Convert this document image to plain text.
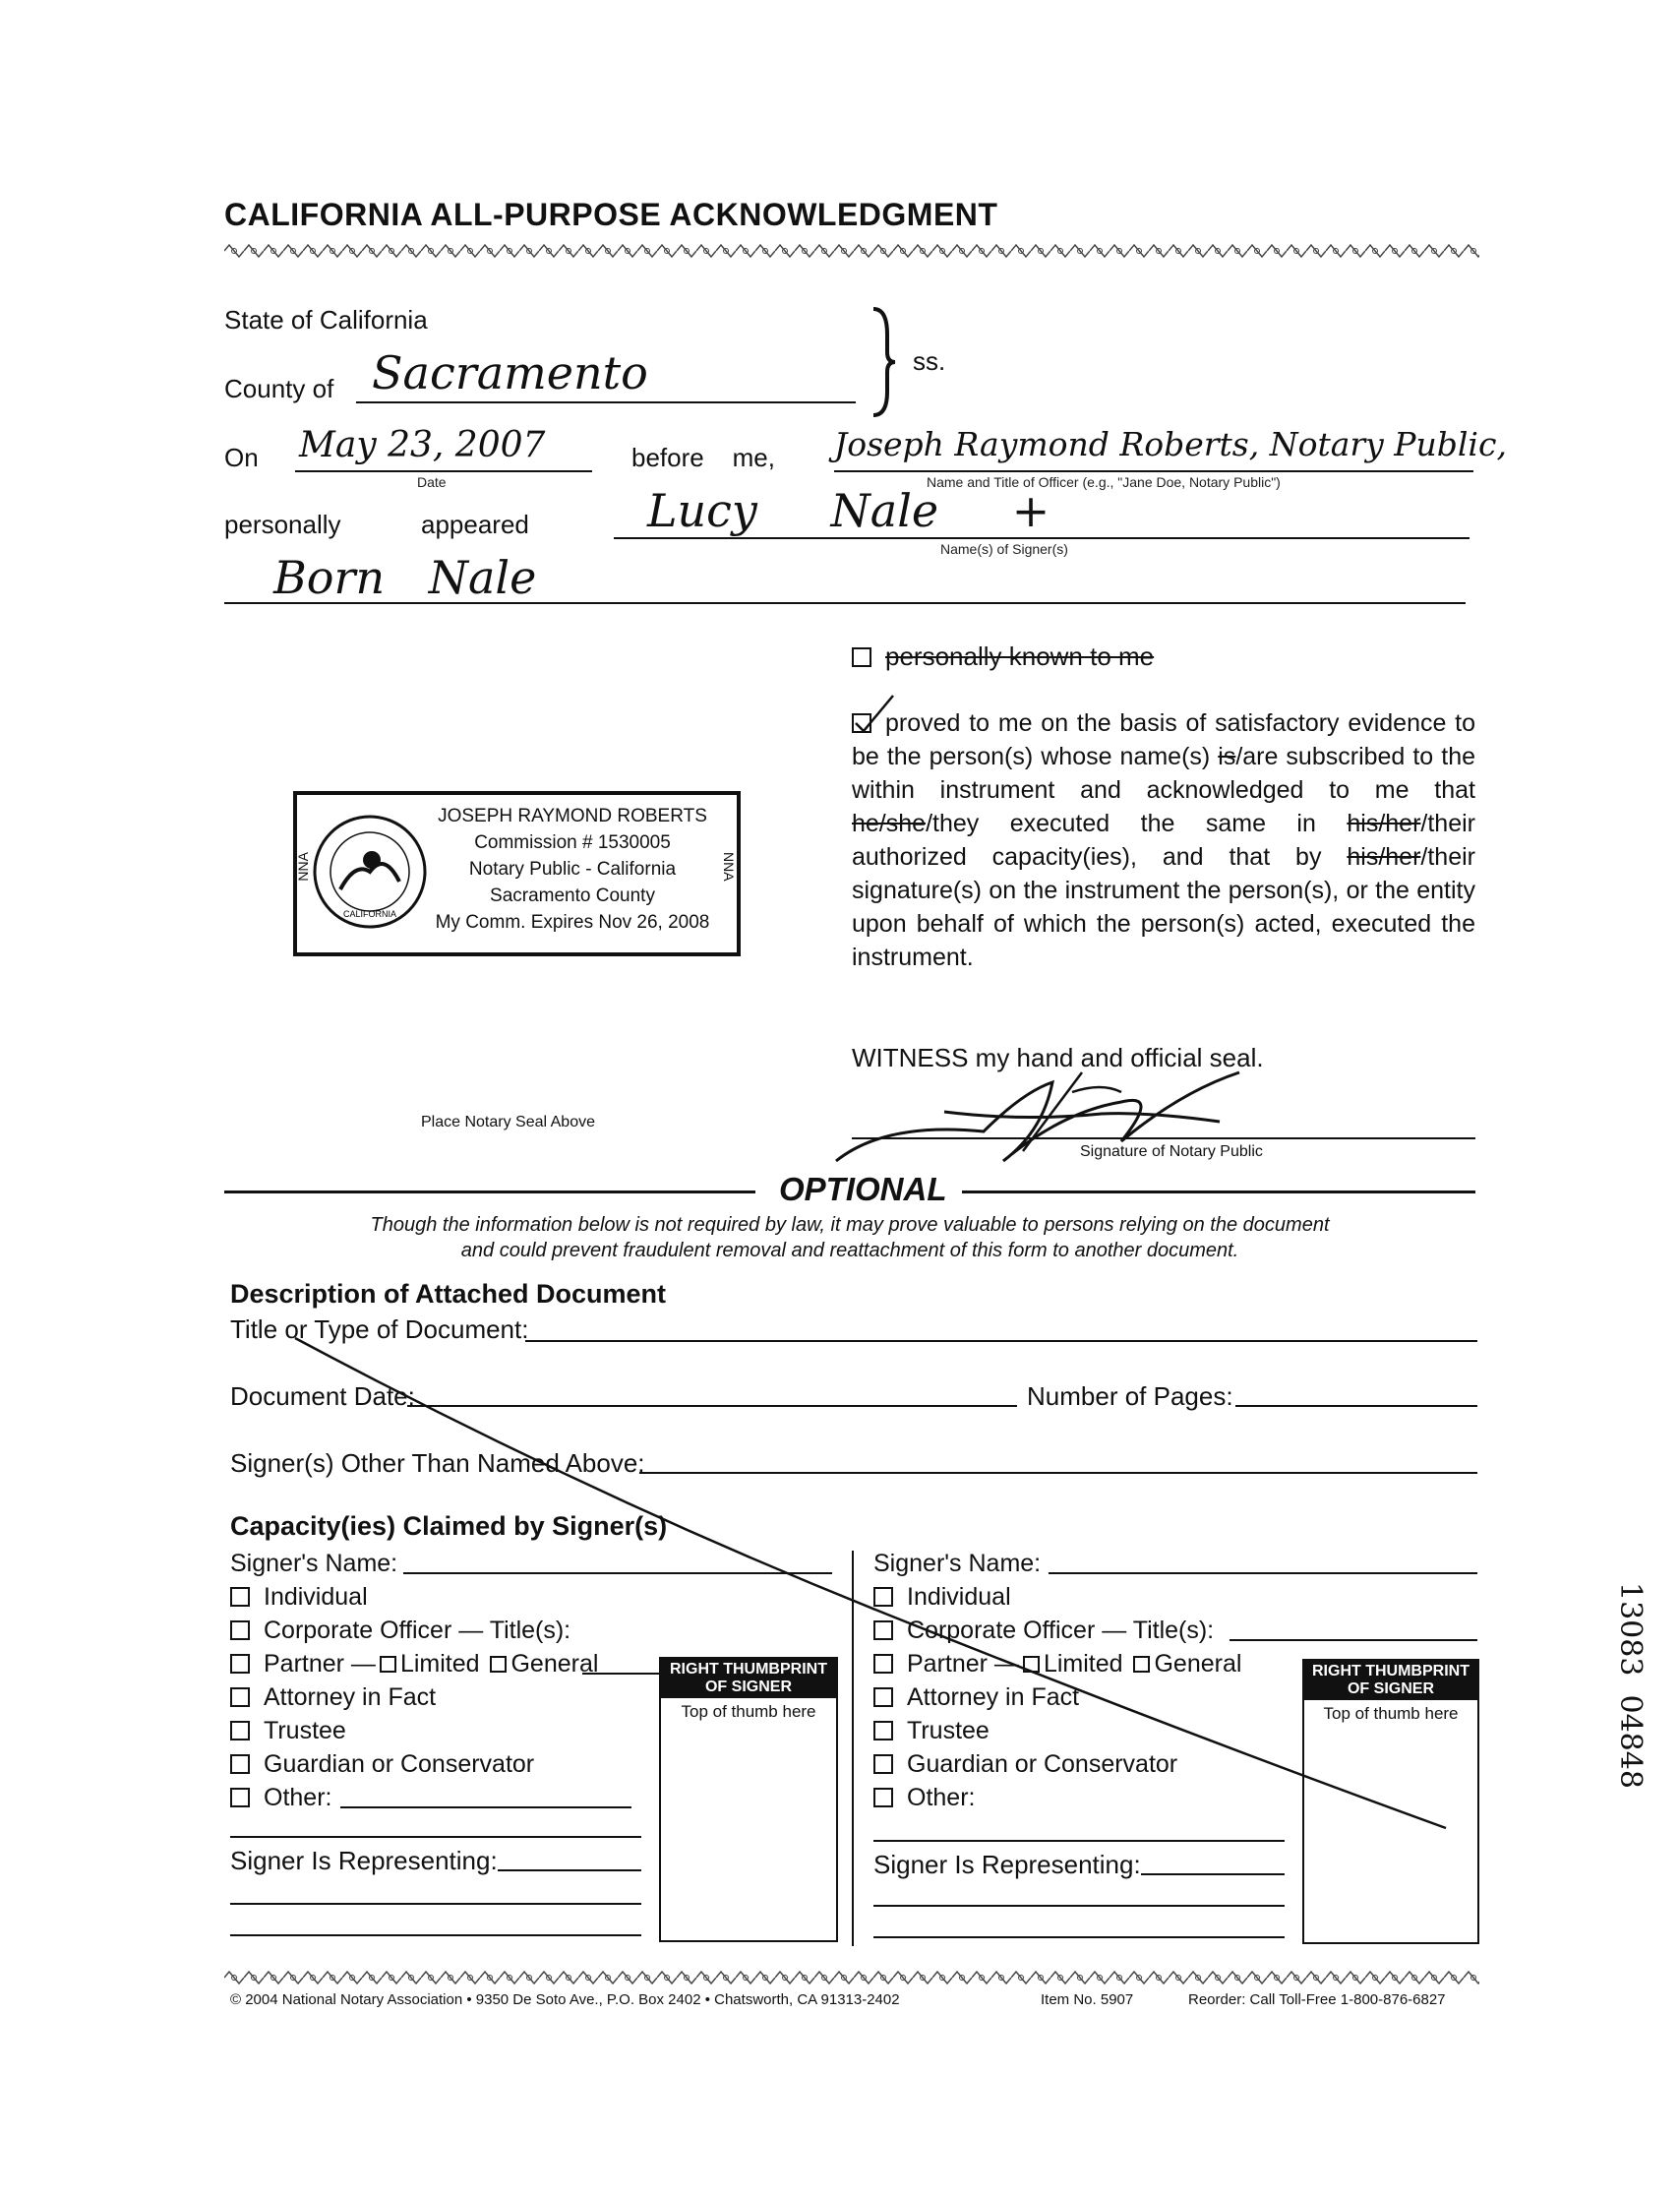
CALIFORNIA ALL-PURPOSE ACKNOWLEDGMENT
State of California
County of Sacramento	ss.
On May 23, 2007
Date
before    me, Joseph Raymond Roberts, Notary Public,
Name and Title of Officer (e.g., "Jane Doe, Notary Public")
personally	appeared	Lucy Nale +
Name(s) of Signer(s)
Born Nale
personally known to me
proved to me on the basis of satisfactory evidence to be the person(s) whose name(s) is/are subscribed to the within instrument and acknowledged to me that he/she/they executed the same in his/her/their authorized capacity(ies), and that by his/her/their signature(s) on the instrument the person(s), or the entity upon behalf of which the person(s) acted, executed the instrument.
CALIFORNIA
NNA	NNA
JOSEPH RAYMOND ROBERTS
Commission # 1530005
Notary Public - California
Sacramento County
My Comm. Expires Nov 26, 2008
Place Notary Seal Above
WITNESS my hand and official seal.
Signature of Notary Public
OPTIONAL
Though the information below is not required by law, it may prove valuable to persons relying on the document
and could prevent fraudulent removal and reattachment of this form to another document.
Description of Attached Document
Title or Type of Document:
Document Date:	Number of Pages:
Signer(s) Other Than Named Above:
Capacity(ies) Claimed by Signer(s)
Signer's Name:
Individual
Corporate Officer — Title(s):
Partner — Limited General
Attorney in Fact
Trustee
Guardian or Conservator
Other:
Signer Is Representing:
RIGHT THUMBPRINT OF SIGNER
Top of thumb here
Signer's Name:
Individual
Corporate Officer — Title(s):
Partner — Limited General
Attorney in Fact
Trustee
Guardian or Conservator
Other:
Signer Is Representing:
RIGHT THUMBPRINT OF SIGNER
Top of thumb here
© 2004 National Notary Association • 9350 De Soto Ave., P.O. Box 2402 • Chatsworth, CA 91313-2402	Item No. 5907	Reorder: Call Toll-Free 1-800-876-6827
13083  04848
